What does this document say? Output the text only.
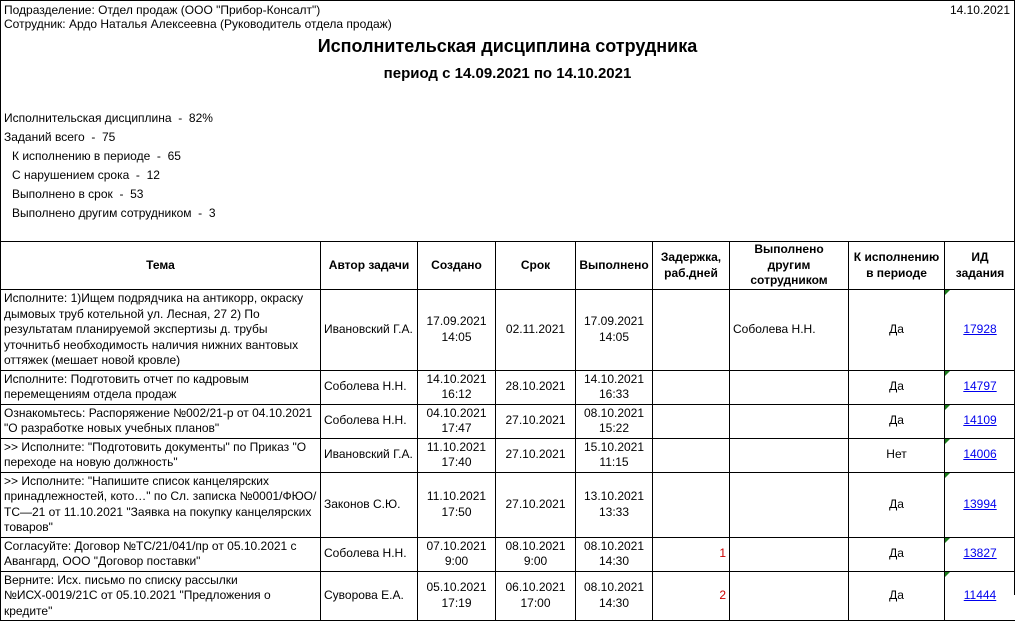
Подразделение: Отдел продаж (ООО "Прибор-Консалт")
Сотрудник: Ардо Наталья Алексеевна (Руководитель отдела продаж)
14.10.2021
Исполнительская дисциплина сотрудника
период с 14.09.2021 по 14.10.2021
Исполнительская дисциплина  -  82%
Заданий всего  -  75
К исполнению в периоде  -  65
С нарушением срока  -  12
Выполнено в срок  -  53
Выполнено другим сотрудником  -  3
Тема	Автор задачи	Создано	Срок	Выполнено	Задержка, раб.дней	Выполнено другим сотрудником	К исполнению в периоде	ИД задания
Исполните: 1)Ищем подрядчика на антикорр, окраску дымовых труб котельной ул. Лесная, 27 2) По результатам планируемой экспертизы д. трубы уточнитьб необходимость наличия нижних вантовых оттяжек (мешает новой кровле)	Ивановский Г.А.	17.09.2021 14:05	02.11.2021	17.09.2021 14:05		Соболева Н.Н.	Да	17928
Исполните: Подготовить отчет по кадровым перемещениям отдела продаж	Соболева Н.Н.	14.10.2021 16:12	28.10.2021	14.10.2021 16:33			Да	14797
Ознакомьтесь: Распоряжение №002/21-р от 04.10.2021 "О разработке новых учебных планов"	Соболева Н.Н.	04.10.2021 17:47	27.10.2021	08.10.2021 15:22			Да	14109
>> Исполните: "Подготовить документы" по Приказ "О переходе на новую должность"	Ивановский Г.А.	11.10.2021 17:40	27.10.2021	15.10.2021 11:15			Нет	14006
>> Исполните: "Напишите список канцелярских принадлежностей, кото…" по Сл. записка №0001/ФЮО/ТС—21 от 11.10.2021 "Заявка на покупку канцелярских товаров"	Законов С.Ю.	11.10.2021 17:50	27.10.2021	13.10.2021 13:33			Да	13994
Согласуйте: Договор №ТС/21/041/пр от 05.10.2021 с Авангард, ООО "Договор поставки"	Соболева Н.Н.	07.10.2021 9:00	08.10.2021 9:00	08.10.2021 14:30	1		Да	13827
Верните: Исх. письмо по списку рассылки №ИСХ-0019/21С от 05.10.2021 "Предложения о кредите"	Суворова Е.А.	05.10.2021 17:19	06.10.2021 17:00	08.10.2021 14:30	2		Да	11444
